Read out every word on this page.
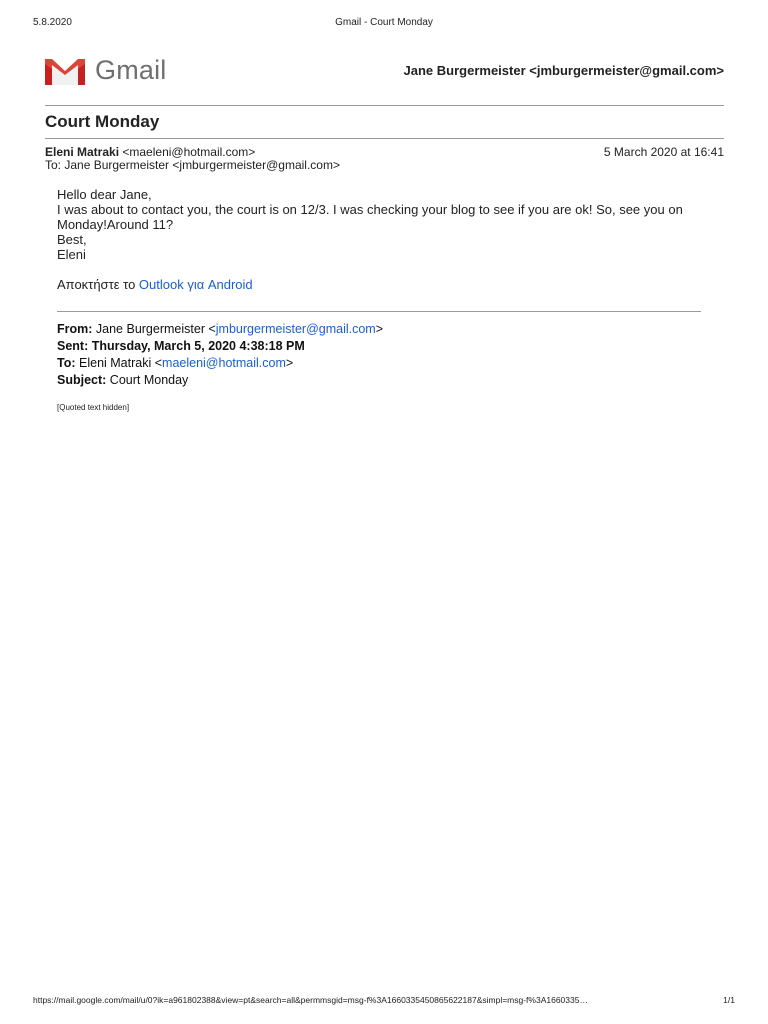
5.8.2020	Gmail - Court Monday
Gmail	Jane Burgermeister <jmburgermeister@gmail.com>
Court Monday
Eleni Matraki <maeleni@hotmail.com>	5 March 2020 at 16:41
To: Jane Burgermeister <jmburgermeister@gmail.com>

Hello dear Jane,

I was about to contact you, the court is on 12/3. I was checking your blog to see if you are ok! So, see you on Monday!Around 11?

Best,

Eleni

Αποκτήστε το Outlook για Android

From: Jane Burgermeister <jmburgermeister@gmail.com>
Sent: Thursday, March 5, 2020 4:38:18 PM
To: Eleni Matraki <maeleni@hotmail.com>
Subject: Court Monday
[Quoted text hidden]
https://mail.google.com/mail/u/0?ik=a961802388&view=pt&search=all&permmsgid=msg-f%3A1660335450865622187&simpl=msg-f%3A1660335…	1/1
